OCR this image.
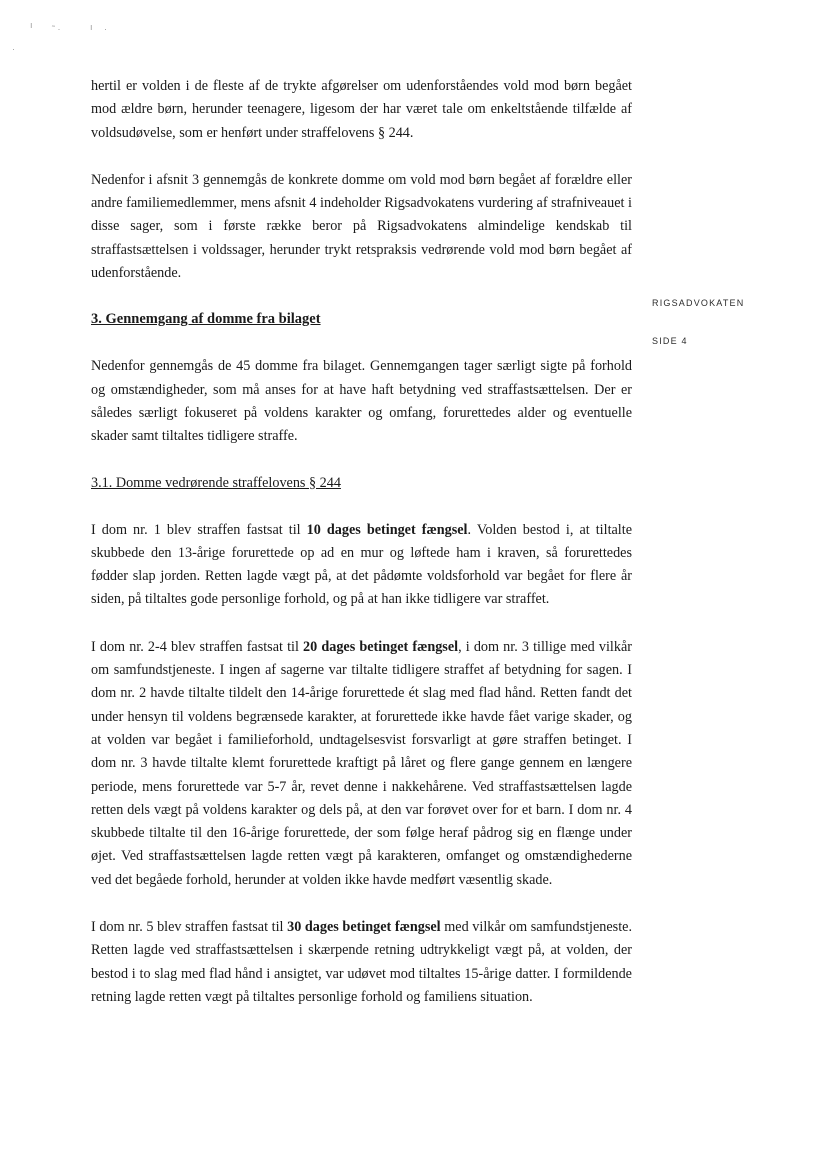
ı ˜ ·	ı ·
·
RIGSADVOKATEN
SIDE 4

hertil er volden i de fleste af de trykte afgørelser om udenforståendes vold mod børn begået mod ældre børn, herunder teenagere, ligesom der har været tale om enkeltstående tilfælde af voldsudøvelse, som er henført under straffelovens § 244.

Nedenfor i afsnit 3 gennemgås de konkrete domme om vold mod børn begået af forældre eller andre familiemedlemmer, mens afsnit 4 indeholder Rigsadvokatens vurdering af strafniveauet i disse sager, som i første række beror på Rigsadvokatens almindelige kendskab til straffastsættelsen i voldssager, herunder trykt retspraksis vedrørende vold mod børn begået af udenforstående.

3. Gennemgang af domme fra bilaget

Nedenfor gennemgås de 45 domme fra bilaget. Gennemgangen tager særligt sigte på forhold og omstændigheder, som må anses for at have haft betydning ved straffastsættelsen. Der er således særligt fokuseret på voldens karakter og omfang, forurettedes alder og eventuelle skader samt tiltaltes tidligere straffe.

3.1. Domme vedrørende straffelovens § 244

I dom nr. 1 blev straffen fastsat til 10 dages betinget fængsel. Volden bestod i, at tiltalte skubbede den 13-årige forurettede op ad en mur og løftede ham i kraven, så forurettedes fødder slap jorden. Retten lagde vægt på, at det pådømte voldsforhold var begået for flere år siden, på tiltaltes gode personlige forhold, og på at han ikke tidligere var straffet.

I dom nr. 2-4 blev straffen fastsat til 20 dages betinget fængsel, i dom nr. 3 tillige med vilkår om samfundstjeneste. I ingen af sagerne var tiltalte tidligere straffet af betydning for sagen. I dom nr. 2 havde tiltalte tildelt den 14-årige forurettede ét slag med flad hånd. Retten fandt det under hensyn til voldens begrænsede karakter, at forurettede ikke havde fået varige skader, og at volden var begået i familieforhold, undtagelsesvist forsvarligt at gøre straffen betinget. I dom nr. 3 havde tiltalte klemt forurettede kraftigt på låret og flere gange gennem en længere periode, mens forurettede var 5-7 år, revet denne i nakkehårene. Ved straffastsættelsen lagde retten dels vægt på voldens karakter og dels på, at den var forøvet over for et barn. I dom nr. 4 skubbede tiltalte til den 16-årige forurettede, der som følge heraf pådrog sig en flænge under øjet. Ved straffastsættelsen lagde retten vægt på karakteren, omfanget og omstændighederne ved det begåede forhold, herunder at volden ikke havde medført væsentlig skade.

I dom nr. 5 blev straffen fastsat til 30 dages betinget fængsel med vilkår om samfundstjeneste. Retten lagde ved straffastsættelsen i skærpende retning udtrykkeligt vægt på, at volden, der bestod i to slag med flad hånd i ansigtet, var udøvet mod tiltaltes 15-årige datter. I formildende retning lagde retten vægt på tiltaltes personlige forhold og familiens situation.
